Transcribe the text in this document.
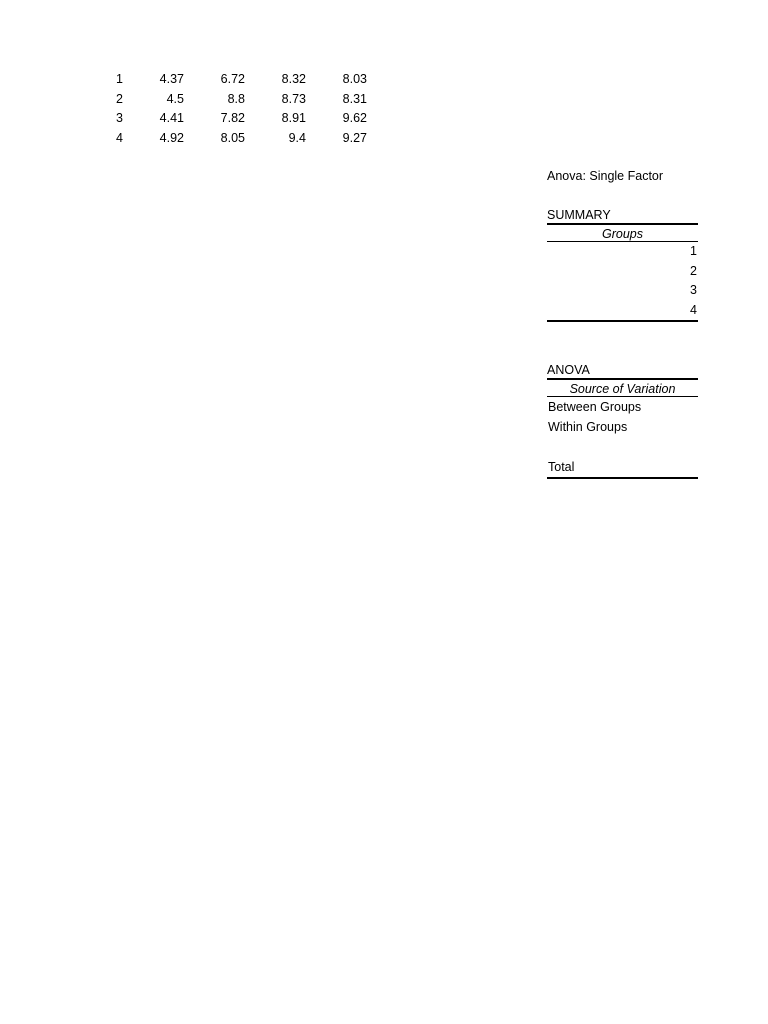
1	4.37	6.72	8.32	8.03
2	4.5	8.8	8.73	8.31
3	4.41	7.82	8.91	9.62
4	4.92	8.05	9.4	9.27
Anova: Single Factor
SUMMARY
Groups
1
2
3
4
ANOVA
Source of Variation
Between Groups
Within Groups
Total
